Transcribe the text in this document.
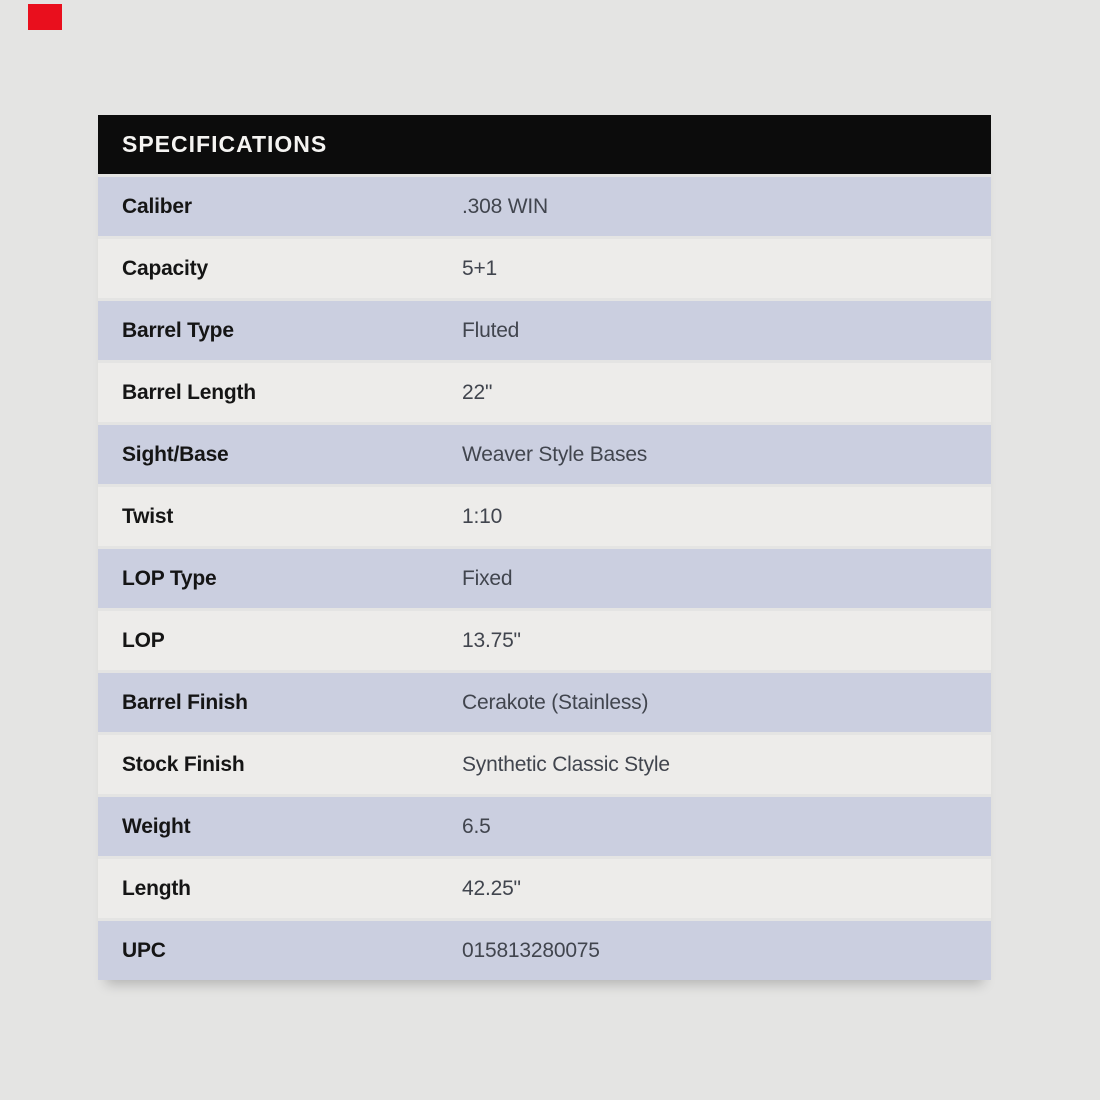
SPECIFICATIONS
Caliber	.308 WIN
Capacity	5+1
Barrel Type	Fluted
Barrel Length	22"
Sight/Base	Weaver Style Bases
Twist	1:10
LOP Type	Fixed
LOP	13.75"
Barrel Finish	Cerakote (Stainless)
Stock Finish	Synthetic Classic Style
Weight	6.5
Length	42.25"
UPC	015813280075
